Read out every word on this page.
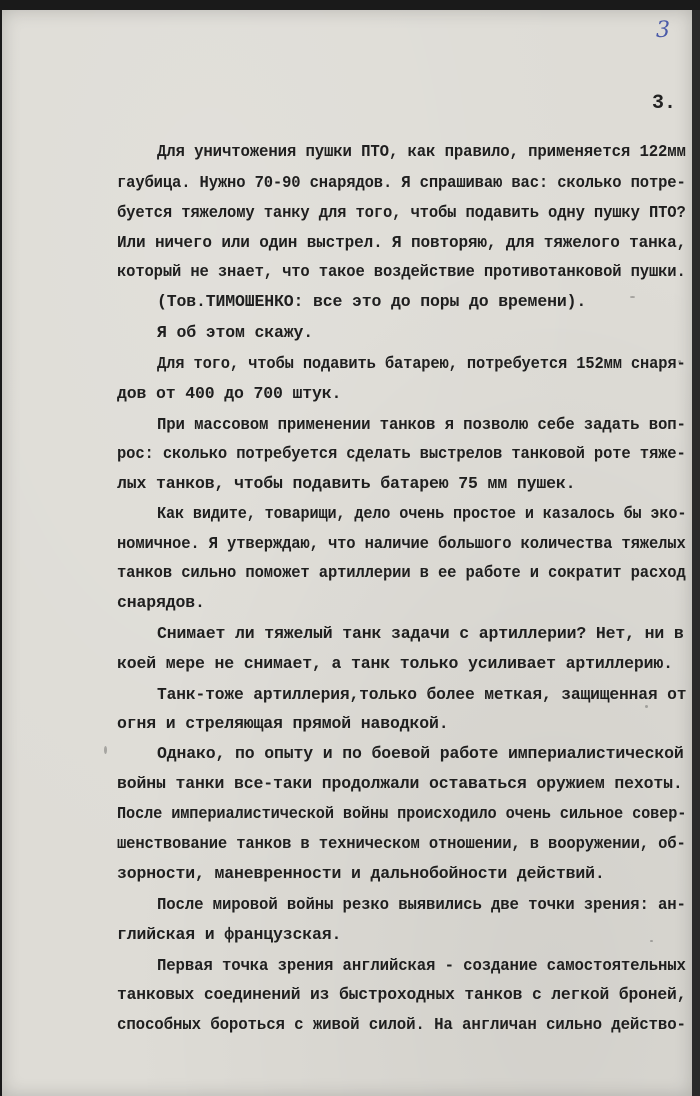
3
3.
Для уничтожения пушки ПТО, как правило, применяется 122мм
гаубица. Нужно 70-90 снарядов. Я спрашиваю вас: сколько потре-
буется тяжелому танку для того, чтобы подавить одну пушку ПТО?
Или ничего или один выстрел. Я повторяю, для тяжелого танка,
который не знает, что такое воздействие противотанковой пушки.
(Тов.ТИМОШЕНКО: все это до поры до времени).
Я об этом скажу.
Для того, чтобы подавить батарею, потребуется 152мм снаря-
дов от 400 до 700 штук.
При массовом применении танков я позволю себе задать воп-
рос: сколько потребуется сделать выстрелов танковой роте тяже-
лых танков, чтобы подавить батарею 75 мм пушек.
Как видите, товарищи, дело очень простое и казалось бы эко-
номичное. Я утверждаю, что наличие большого количества тяжелых
танков сильно поможет артиллерии в ее работе и сократит расход
снарядов.
Снимает ли тяжелый танк задачи с артиллерии? Нет, ни в
коей мере не снимает, а танк только усиливает артиллерию.
Танк-тоже артиллерия,только более меткая, защищенная от
огня и стреляющая прямой наводкой.
Однако, по опыту и по боевой работе империалистической
войны танки все-таки продолжали оставаться оружием пехоты.
После империалистической войны происходило очень сильное совер-
шенствование танков в техническом отношении, в вооружении, об-
зорности, маневренности и дальнобойности действий.
После мировой войны резко выявились две точки зрения: ан-
глийская и французская.
Первая точка зрения английская - создание самостоятельных
танковых соединений из быстроходных танков с легкой броней,
способных бороться с живой силой. На англичан сильно действо-
